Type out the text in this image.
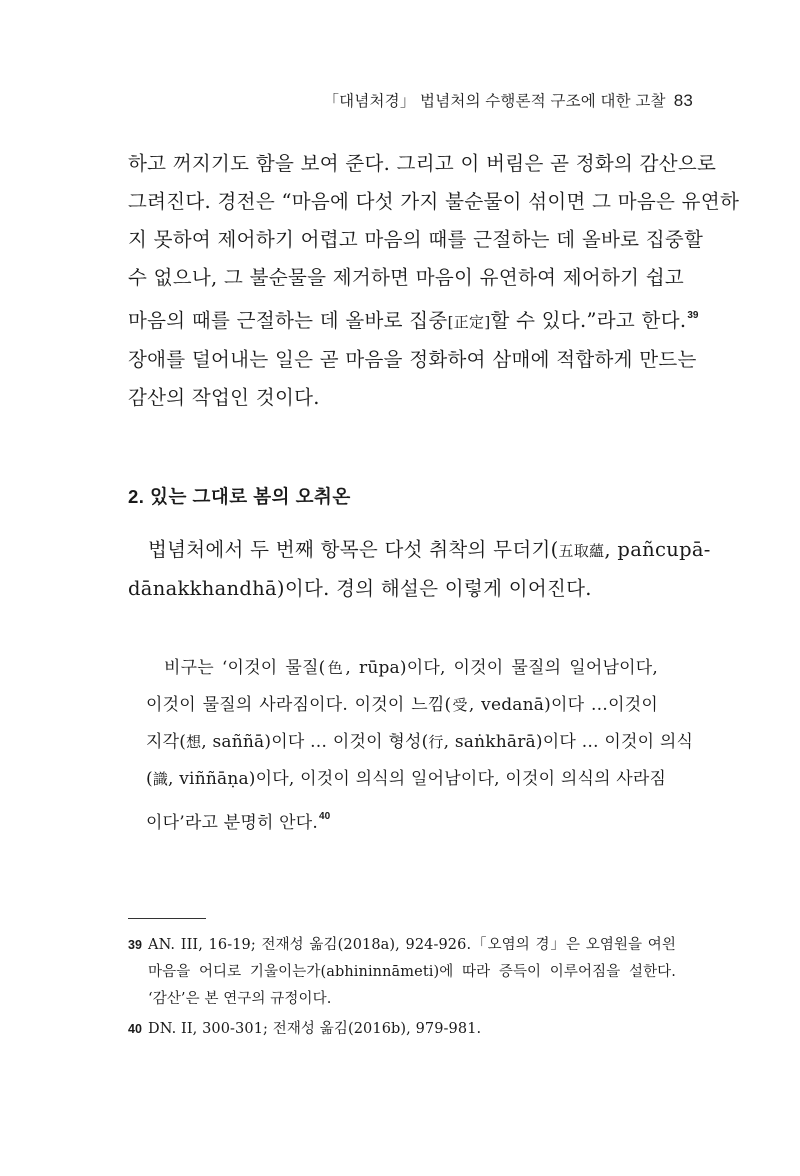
「대념처경」 법념처의 수행론적 구조에 대한 고찰 83
하고 꺼지기도 함을 보여 준다. 그리고 이 버림은 곧 정화의 감산으로
그려진다. 경전은 “마음에 다섯 가지 불순물이 섞이면 그 마음은 유연하
지 못하여 제어하기 어렵고 마음의 때를 근절하는 데 올바로 집중할
수 없으나, 그 불순물을 제거하면 마음이 유연하여 제어하기 쉽고
마음의 때를 근절하는 데 올바로 집중[正定]할 수 있다.”라고 한다.$^{39}$
장애를 덜어내는 일은 곧 마음을 정화하여 삼매에 적합하게 만드는
감산의 작업인 것이다.
2. 있는 그대로 봄의 오취온
법념처에서 두 번째 항목은 다섯 취착의 무더기(五取蘊, pañcupā-
dānakkhandhā)이다. 경의 해설은 이렇게 이어진다.
비구는 ‘이것이 물질(色, rūpa)이다, 이것이 물질의 일어남이다,
이것이 물질의 사라짐이다. 이것이 느낌(受, vedanā)이다 …이것이
지각(想, saññā)이다 … 이것이 형성(行, saṅkhārā)이다 … 이것이 의식
(識, viññāṇa)이다, 이것이 의식의 일어남이다, 이것이 의식의 사라짐
이다’라고 분명히 안다.$^{40}$
39 AN. III, 16-19; 전재성 옮김(2018a), 924-926.「오염의 경」은 오염원을 여읜
마음을 어디로 기울이는가(abhininnāmeti)에 따라 증득이 이루어짐을 설한다.
‘감산’은 본 연구의 규정이다.
40 DN. II, 300-301; 전재성 옮김(2016b), 979-981.
